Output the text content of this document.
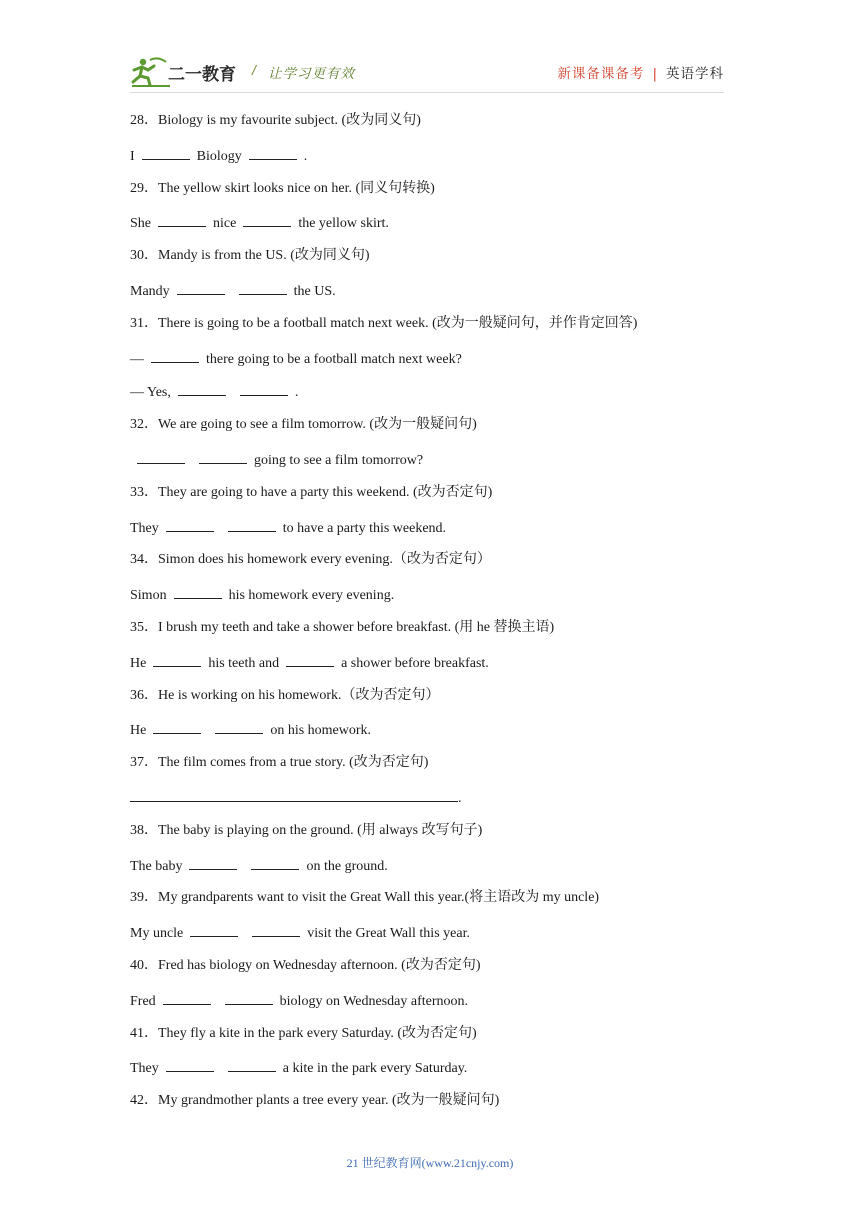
二一教育 / 让学习更有效	新课备课备考 | 英语学科
28．Biology is my favourite subject. (改为同义句)
I	Biology	.
29．The yellow skirt looks nice on her. (同义句转换)
She	nice	the yellow skirt.
30．Mandy is from the US. (改为同义句)
Mandy	the US.
31．There is going to be a football match next week. (改为一般疑问句，并作肯定回答)
—	there going to be a football match next week?
— Yes,	.
32．We are going to see a film tomorrow. (改为一般疑问句)
going to see a film tomorrow?
33．They are going to have a party this weekend. (改为否定句)
They	to have a party this weekend.
34．Simon does his homework every evening.（改为否定句）
Simon	his homework every evening.
35．I brush my teeth and take a shower before breakfast. (用 he 替换主语)
He	his teeth and	a shower before breakfast.
36．He is working on his homework.（改为否定句）
He	on his homework.
37．The film comes from a true story. (改为否定句)
.
38．The baby is playing on the ground. (用 always 改写句子)
The baby	on the ground.
39．My grandparents want to visit the Great Wall this year.(将主语改为 my uncle)
My uncle	visit the Great Wall this year.
40．Fred has biology on Wednesday afternoon. (改为否定句)
Fred	biology on Wednesday afternoon.
41．They fly a kite in the park every Saturday. (改为否定句)
They	a kite in the park every Saturday.
42．My grandmother plants a tree every year. (改为一般疑问句)
21 世纪教育网(www.21cnjy.com)
